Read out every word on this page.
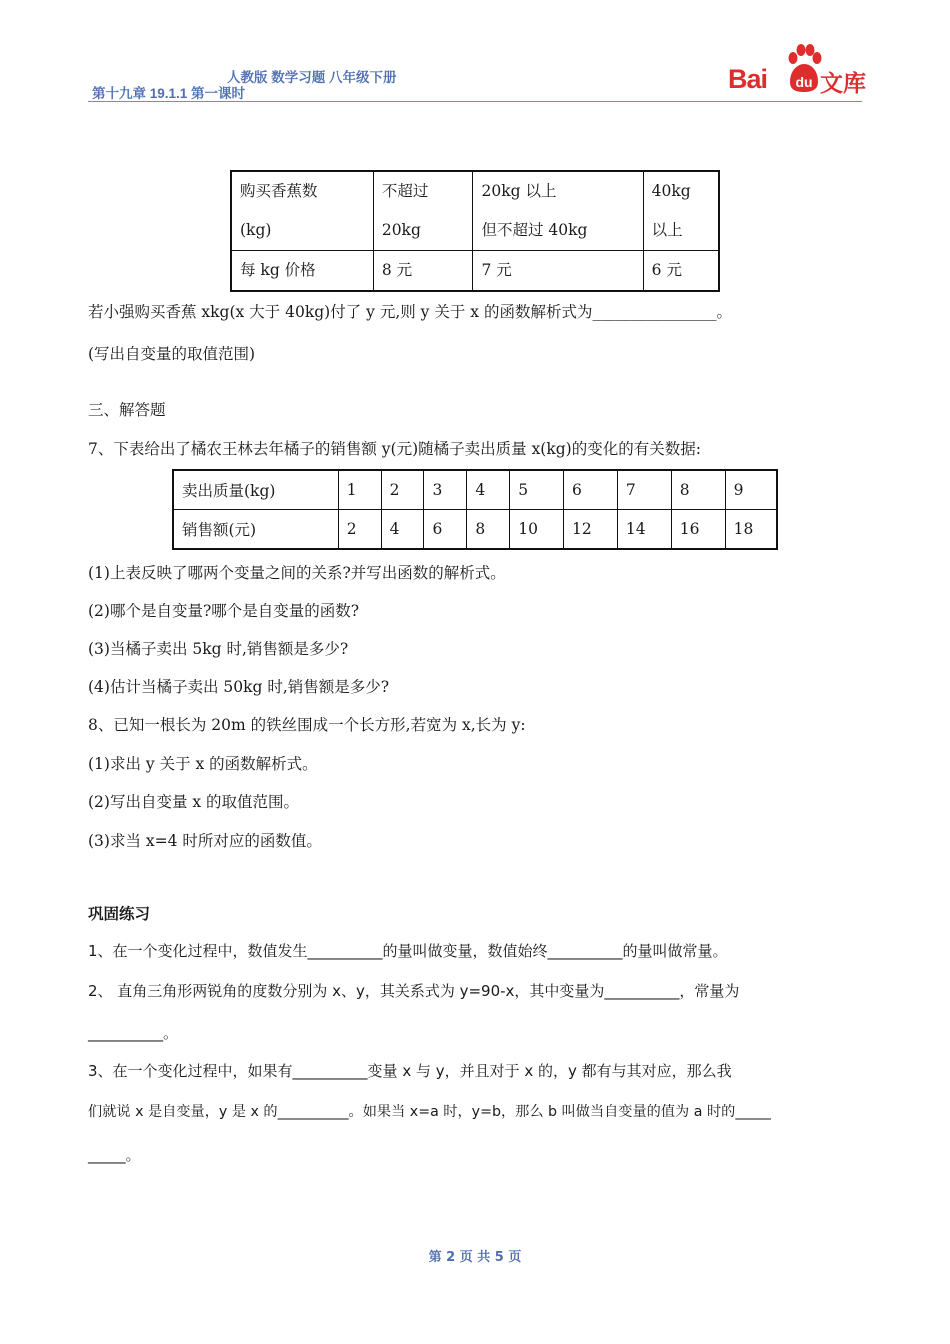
人教版 数学习题 八年级下册
第十九章 19.1.1 第一课时	Bai	du 文库
购买香蕉数	不超过	20kg 以上	40kg
(kg)	20kg	但不超过 40kg	以上
每 kg 价格	8 元	7 元	6 元
若小强购买香蕉 xkg(x 大于 40kg)付了 y 元,则 y 关于 x 的函数解析式为________________。
(写出自变量的取值范围)
三、解答题
7、下表给出了橘农王林去年橘子的销售额 y(元)随橘子卖出质量 x(kg)的变化的有关数据:
卖出质量(kg)	1	2	3	4	5	6	7	8	9
销售额(元)	2	4	6	8	10	12	14	16	18
(1)上表反映了哪两个变量之间的关系?并写出函数的解析式。
(2)哪个是自变量?哪个是自变量的函数?
(3)当橘子卖出 5kg 时,销售额是多少?
(4)估计当橘子卖出 50kg 时,销售额是多少?
8、已知一根长为 20m 的铁丝围成一个长方形,若宽为 x,长为 y:
(1)求出 y 关于 x 的函数解析式。
(2)写出自变量 x 的取值范围。
(3)求当 x=4 时所对应的函数值。
巩固练习
1、在一个变化过程中，数值发生__________的量叫做变量，数值始终__________的量叫做常量。
2、 直角三角形两锐角的度数分别为 x、y，其关系式为 y=90-x，其中变量为__________，常量为
__________。
3、在一个变化过程中，如果有__________变量 x 与 y，并且对于 x 的，y 都有与其对应，那么我
们就说 x 是自变量，y 是 x 的__________。如果当 x=a 时，y=b，那么 b 叫做当自变量的值为 a 时的_____
_____。
第 2 页 共 5 页
